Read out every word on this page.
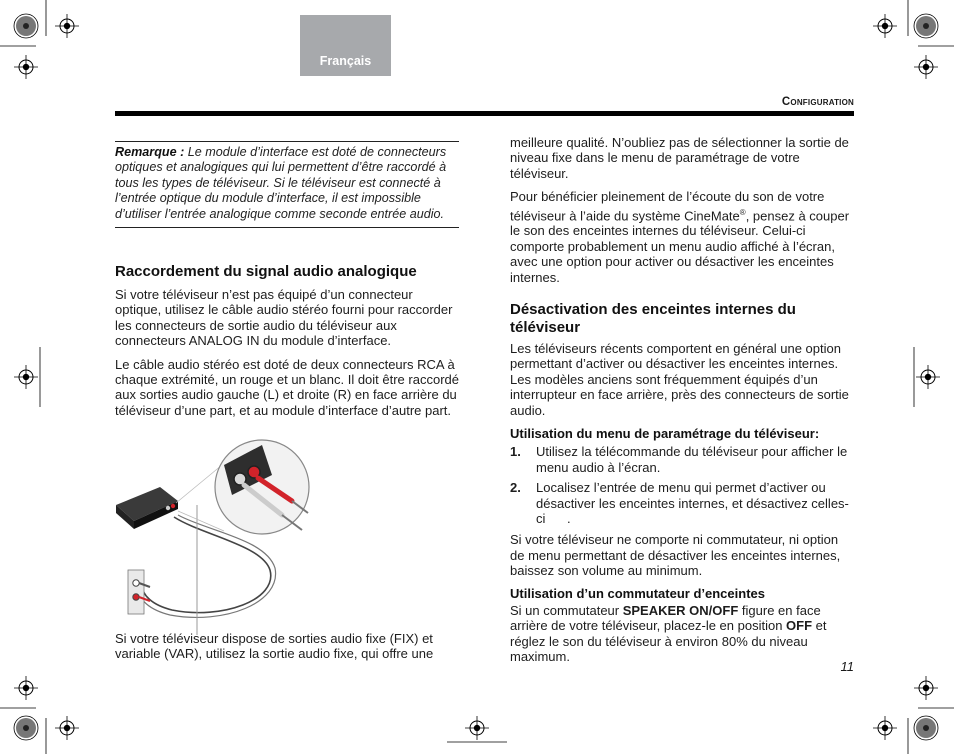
Français
Configuration
Remarque : Le module d’interface est doté de connecteurs optiques et analogiques qui lui permettent d’être raccordé à tous les types de téléviseur. Si le téléviseur est connecté à l’entrée optique du module d’interface, il est impossible d’utiliser l’entrée analogique comme seconde entrée audio.
Raccordement du signal audio analogique

Si votre téléviseur n’est pas équipé d’un connecteur optique, utilisez le câble audio stéréo fourni pour raccorder les connecteurs de sortie audio du téléviseur aux connecteurs ANALOG IN du module d’interface.

Le câble audio stéréo est doté de deux connecteurs RCA à chaque extrémité, un rouge et un blanc. Il doit être raccordé aux sorties audio gauche (L) et droite (R) en face arrière du téléviseur d’une part, et au module d’interface d’autre part.

Si votre téléviseur dispose de sorties audio fixe (FIX) et variable (VAR), utilisez la sortie audio fixe, qui offre une

meilleure qualité. N’oubliez pas de sélectionner la sortie de niveau fixe dans le menu de paramétrage de votre téléviseur.

Pour bénéficier pleinement de l’écoute du son de votre téléviseur à l’aide du système CineMate®, pensez à couper le son des enceintes internes du téléviseur. Celui-ci comporte probablement un menu audio affiché à l’écran, avec une option pour activer ou désactiver les enceintes internes.

Désactivation des enceintes internes du téléviseur

Les téléviseurs récents comportent en général une option permettant d’activer ou désactiver les enceintes internes. Les modèles anciens sont fréquemment équipés d’un interrupteur en face arrière, près des connecteurs de sortie audio.

Utilisation du menu de paramétrage du téléviseur:
1. Utilisez la télécommande du téléviseur pour afficher le menu audio à l’écran.
2. Localisez l’entrée de menu qui permet d’activer ou désactiver les enceintes internes, et désactivez celles-ci      .

Si votre téléviseur ne comporte ni commutateur, ni option de menu permettant de désactiver les enceintes internes, baissez son volume au minimum.

Utilisation d’un commutateur d’enceintes

Si un commutateur SPEAKER ON/OFF figure en face arrière de votre téléviseur, placez-le en position OFF et réglez le son du téléviseur à environ 80% du niveau maximum.

11
